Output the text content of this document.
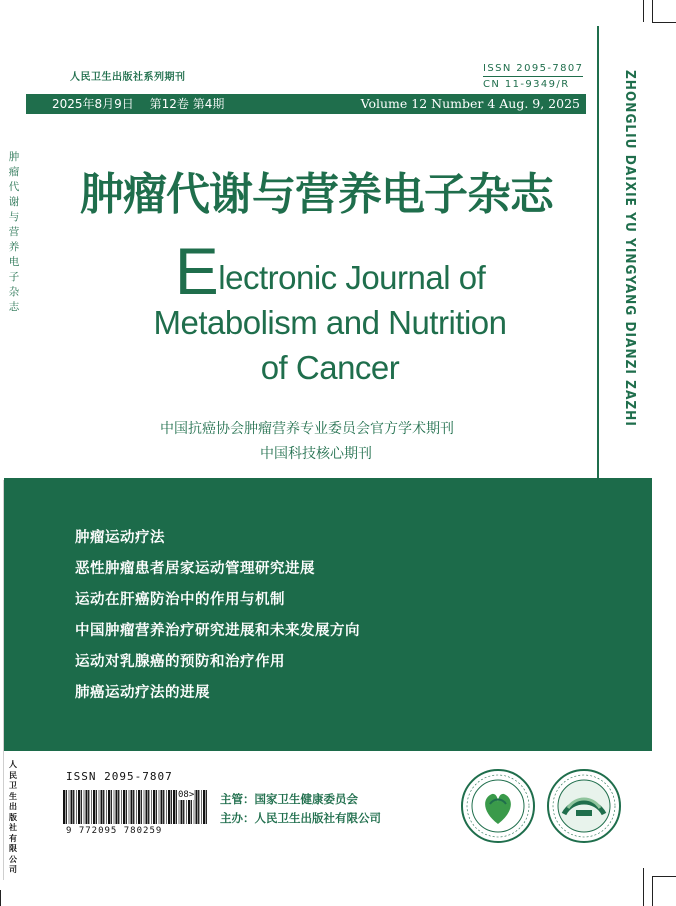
人民卫生出版社系列期刊
ISSN 2095-7807
CN 11-9349/R
2025年8月9日　 第12卷 第4期	Volume 12 Number 4 Aug. 9, 2025	ZHONGLIU DAIXIE YU YINGYANG DIANZI ZAZHI
肿
瘤
代
谢
与
营
养
电
子
杂
志
人
民
卫
生
出
版
社
有
限
公
司
肿瘤代谢与营养电子杂志
Electronic Journal of
Metabolism and Nutrition
of Cancer
中国抗癌协会肿瘤营养专业委员会官方学术期刊
中国科技核心期刊
肿瘤运动疗法
恶性肿瘤患者居家运动管理研究进展
运动在肝癌防治中的作用与机制
中国肿瘤营养治疗研究进展和未来发展方向
运动对乳腺癌的预防和治疗作用
肺癌运动疗法的进展
ISSN 2095-7807
08>
9 772095 780259
主管：国家卫生健康委员会
主办：人民卫生出版社有限公司
